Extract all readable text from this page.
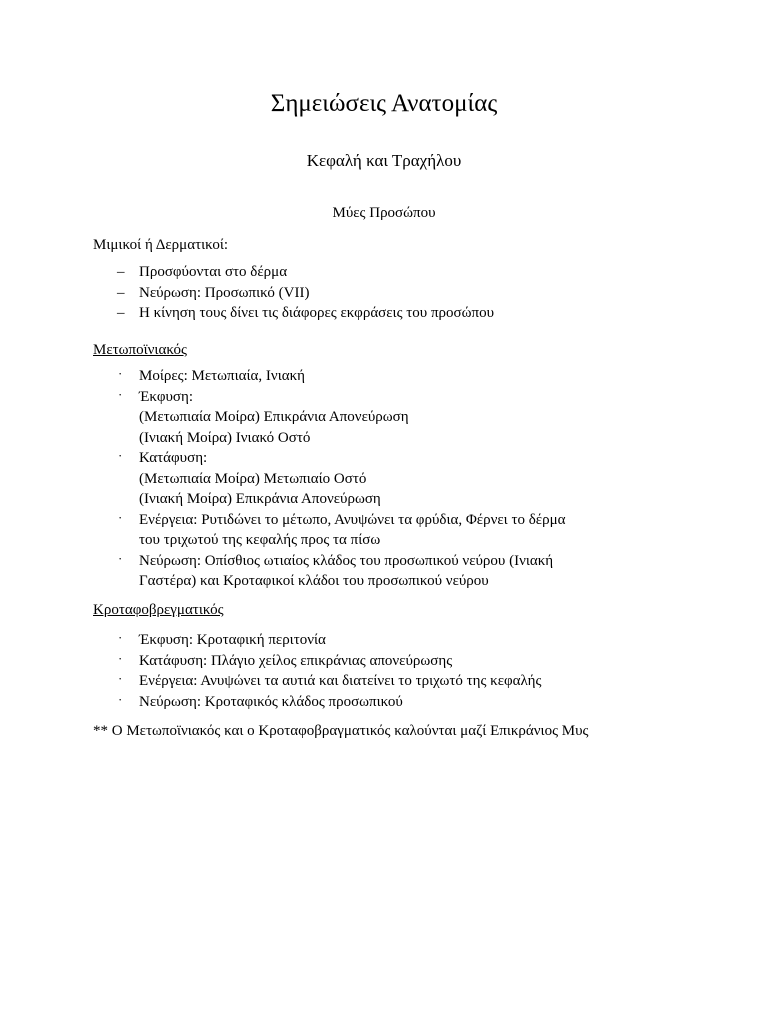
Σημειώσεις Ανατομίας
Κεφαλή και Τραχήλου
Μύες Προσώπου
Μιμικοί ή Δερματικοί:
– Προσφύονται στο δέρμα
– Νεύρωση: Προσωπικό (VII)
– Η κίνηση τους δίνει τις διάφορες εκφράσεις του προσώπου
Μετωποϊνιακός
· Μοίρες: Μετωπιαία, Ινιακή
· Έκφυση:
(Μετωπιαία Μοίρα) Επικράνια Απονεύρωση
(Ινιακή Μοίρα) Ινιακό Οστό
· Κατάφυση:
(Μετωπιαία Μοίρα) Μετωπιαίο Οστό
(Ινιακή Μοίρα) Επικράνια Απονεύρωση
· Ενέργεια: Ρυτιδώνει το μέτωπο, Ανυψώνει τα φρύδια, Φέρνει το δέρμα
του τριχωτού της κεφαλής προς τα πίσω
· Νεύρωση: Οπίσθιος ωτιαίος κλάδος του προσωπικού νεύρου (Ινιακή
Γαστέρα) και Κροταφικοί κλάδοι του προσωπικού νεύρου
Κροταφοβρεγματικός
· Έκφυση: Κροταφική περιτονία
· Κατάφυση: Πλάγιο χείλος επικράνιας απονεύρωσης
· Ενέργεια: Ανυψώνει τα αυτιά και διατείνει το τριχωτό της κεφαλής
· Νεύρωση: Κροταφικός κλάδος προσωπικού
** Ο Μετωποϊνιακός και ο Κροταφοβραγματικός καλούνται μαζί Επικράνιος Μυς
